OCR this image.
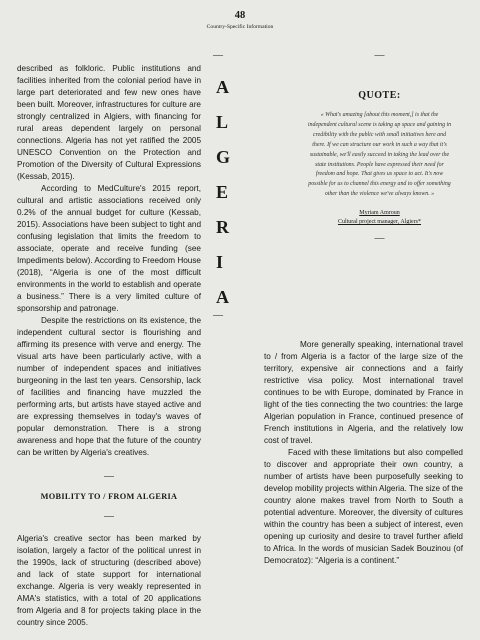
48
Country-Specific Information

described as folkloric. Public institutions and facilities inherited from the colonial period have in large part deteriorated and few new ones have been built. Moreover, infrastructures for culture are strongly centralized in Algiers, with financing for rural areas dependent largely on personal connections. Algeria has not yet ratified the 2005 UNESCO Convention on the Protection and Promotion of the Diversity of Cultural Expressions (Kessab, 2015).

According to MedCulture's 2015 report, cultural and artistic associations received only 0.2% of the annual budget for culture (Kessab, 2015). Associations have been subject to tight and confusing legislation that limits the freedom to associate, operate and receive funding (see Impediments below). According to Freedom House (2018), “Algeria is one of the most difficult environments in the world to establish and operate a business.” There is a very limited culture of sponsorship and patronage.

Despite the restrictions on its existence, the independent cultural sector is flourishing and affirming its presence with verve and energy. The visual arts have been particularly active, with a number of independent spaces and initiatives burgeoning in the last ten years. Censorship, lack of facilities and financing have muzzled the performing arts, but artists have stayed active and are expressing themselves in today's waves of popular demonstration. There is a strong awareness and hope that the future of the country can be written by Algeria's creatives.

—
MOBILITY TO / FROM ALGERIA
—

Algeria's creative sector has been marked by isolation, largely a factor of the political unrest in the 1990s, lack of structuring (described above) and lack of state support for international exchange. Algeria is very weakly represented in AMA's statistics, with a total of 20 applications from Algeria and 8 for projects taking place in the country since 2005.

—
A
L
G
E
R
I
A
—
—
QUOTE:

« What's amazing [about this moment,] is that the independent cultural scene is taking up space and gaining in credibility with the public with small initiatives here and there. If we can structure our work in such a way that it's sustainable, we'll easily succeed in taking the lead over the state institutions. People have expressed their need for freedom and hope. That gives us space to act. It's now possible for us to channel this energy and to offer something other than the violence we've always known. »

Myriam Amroun
Cultural project manager, Algiers*
—

More generally speaking, international travel to / from Algeria is a factor of the large size of the territory, expensive air connections and a fairly restrictive visa policy. Most international travel continues to be with Europe, dominated by France in light of the ties connecting the two countries: the large Algerian population in France, continued presence of French institutions in Algeria, and the relatively low cost of travel.

Faced with these limitations but also compelled to discover and appropriate their own country, a number of artists have been purposefully seeking to develop mobility projects within Algeria. The size of the country alone makes travel from North to South a potential adventure. Moreover, the diversity of cultures within the country has been a subject of interest, even opening up curiosity and desire to travel further afield to Africa. In the words of musician Sadek Bouzinou (of Democratoz): “Algeria is a continent.”
